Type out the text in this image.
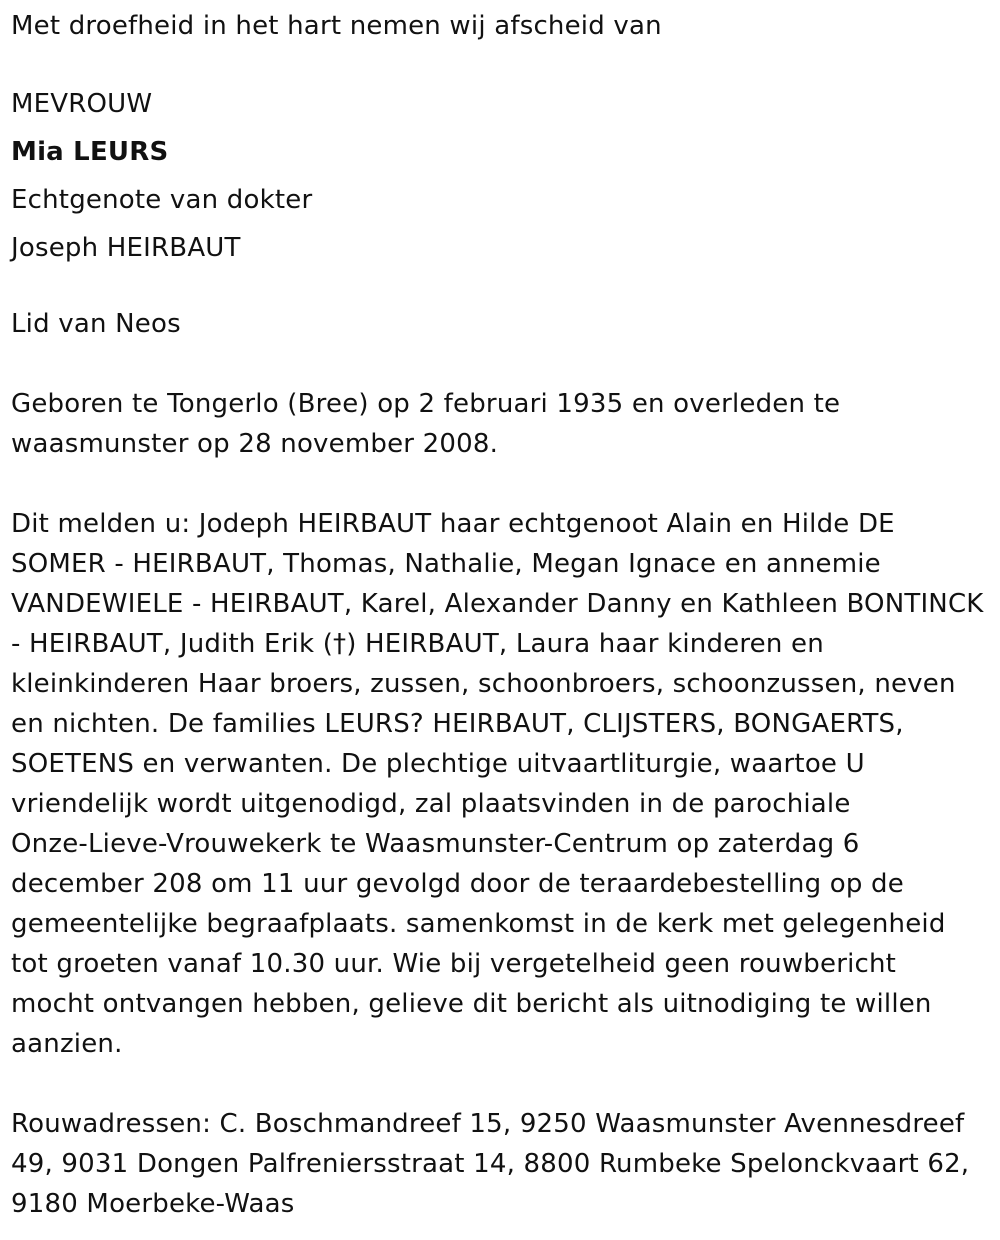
Met droefheid in het hart nemen wij afscheid van

MEVROUW

Mia LEURS

Echtgenote van dokter

Joseph HEIRBAUT

Lid van Neos

Geboren te Tongerlo (Bree) op 2 februari 1935 en overleden te

waasmunster op 28 november 2008.

Dit melden u: Jodeph HEIRBAUT haar echtgenoot Alain en Hilde DE

SOMER - HEIRBAUT, Thomas, Nathalie, Megan Ignace en annemie

VANDEWIELE - HEIRBAUT, Karel, Alexander Danny en Kathleen BONTINCK

- HEIRBAUT, Judith Erik (†) HEIRBAUT, Laura haar kinderen en

kleinkinderen Haar broers, zussen, schoonbroers, schoonzussen, neven

en nichten. De families LEURS? HEIRBAUT, CLIJSTERS, BONGAERTS,

SOETENS en verwanten. De plechtige uitvaartliturgie, waartoe U

vriendelijk wordt uitgenodigd, zal plaatsvinden in de parochiale

Onze-Lieve-Vrouwekerk te Waasmunster-Centrum op zaterdag 6

december 208 om 11 uur gevolgd door de teraardebestelling op de

gemeentelijke begraafplaats. samenkomst in de kerk met gelegenheid

tot groeten vanaf 10.30 uur. Wie bij vergetelheid geen rouwbericht

mocht ontvangen hebben, gelieve dit bericht als uitnodiging te willen

aanzien.

Rouwadressen: C. Boschmandreef 15, 9250 Waasmunster Avennesdreef

49, 9031 Dongen Palfreniersstraat 14, 8800 Rumbeke Spelonckvaart 62,

9180 Moerbeke-Waas
